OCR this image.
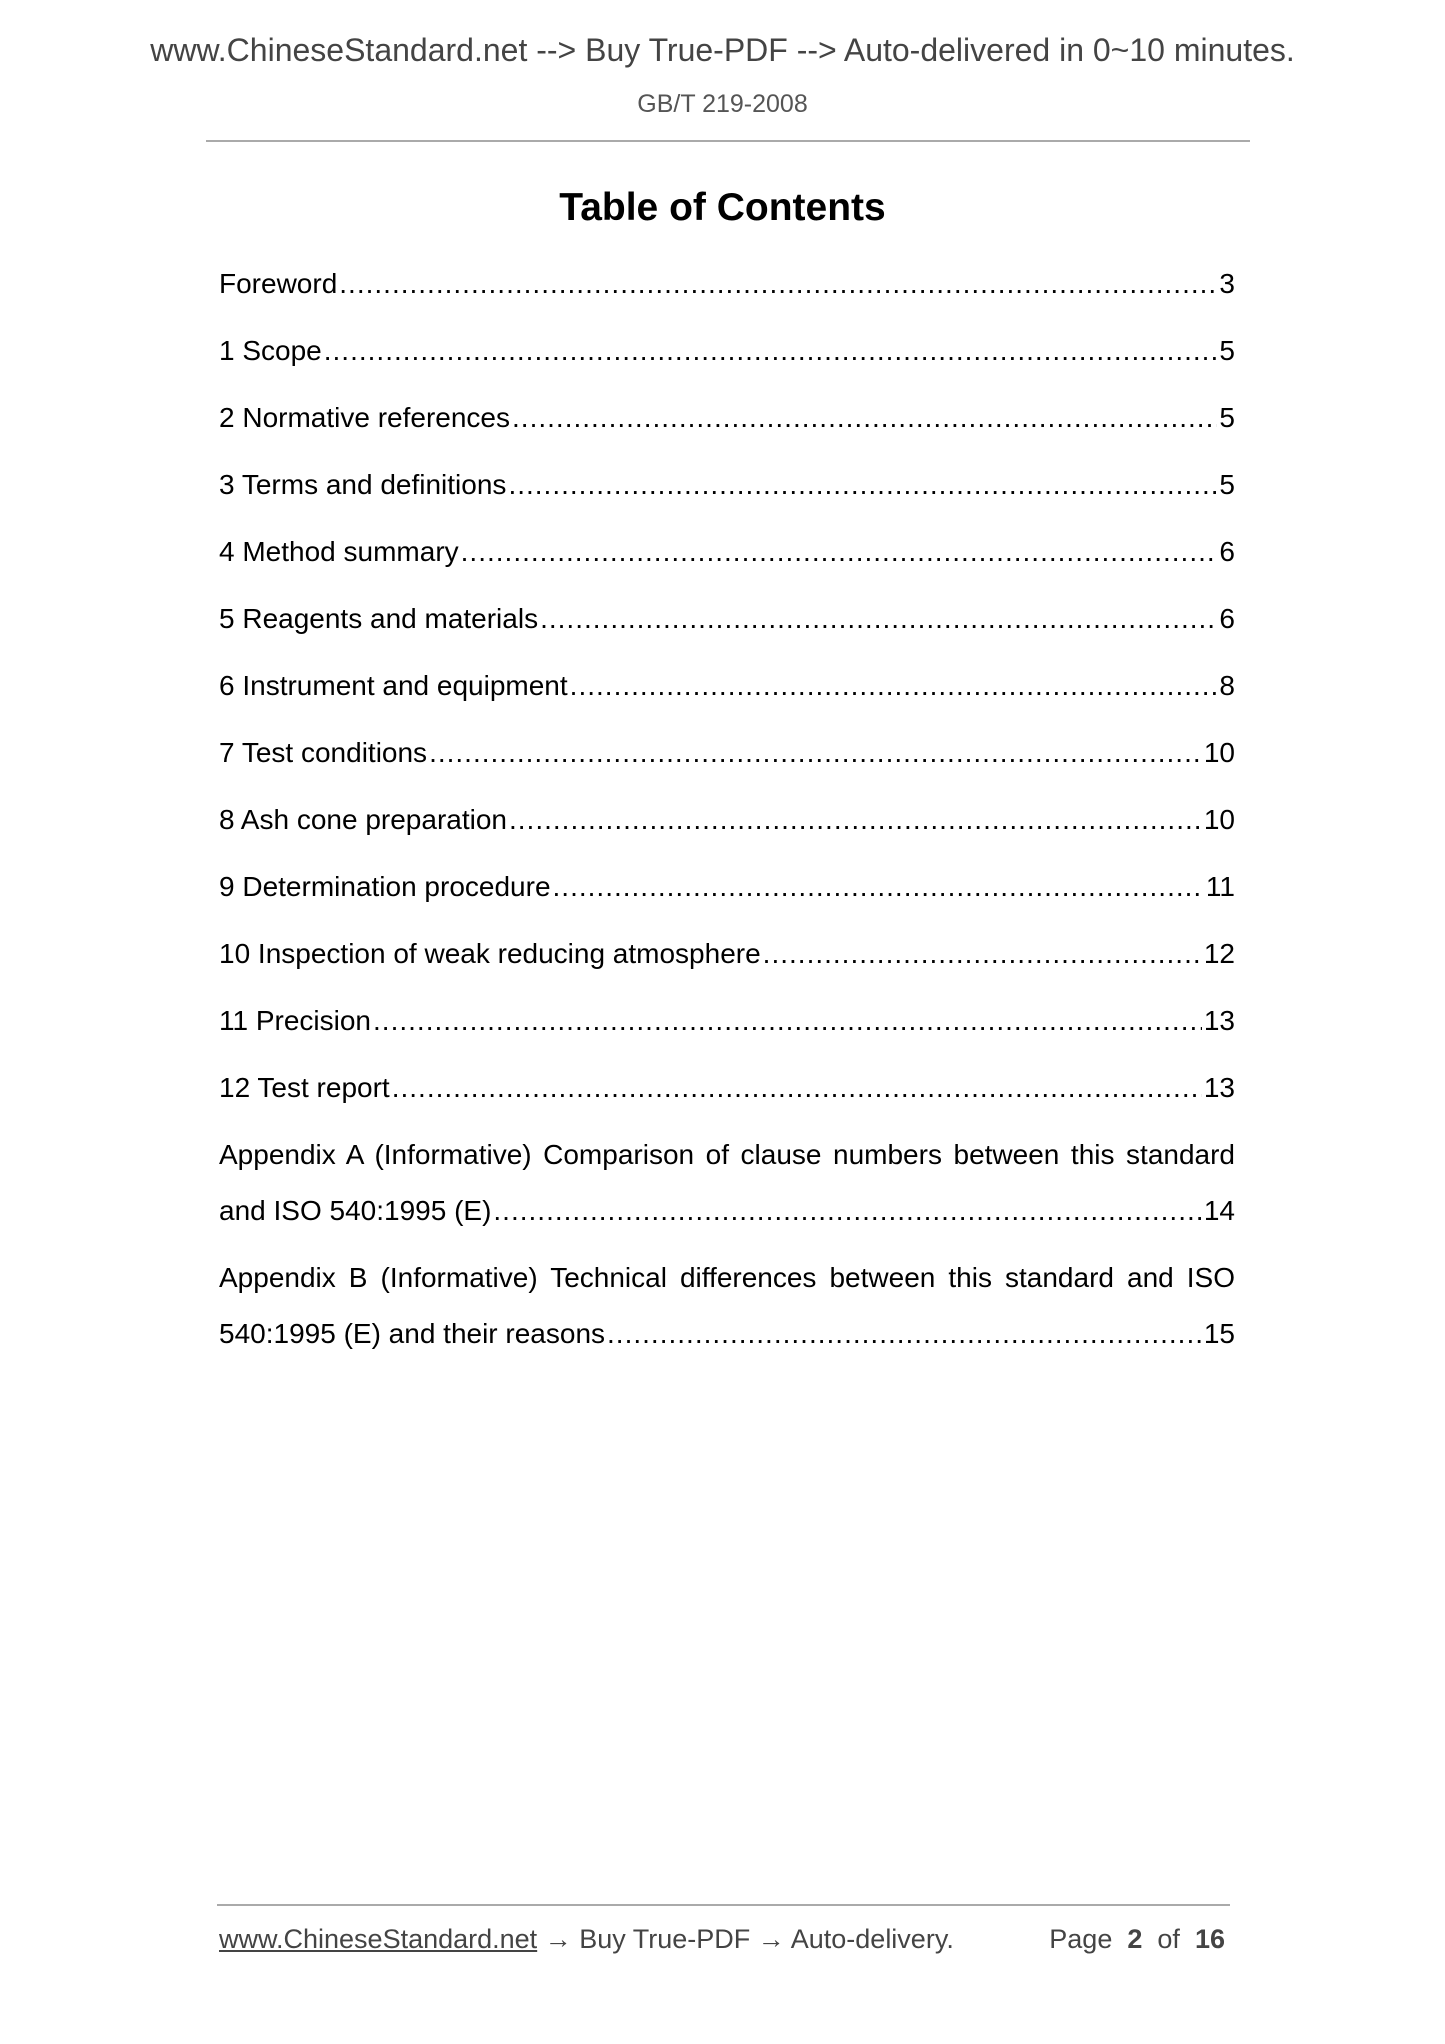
www.ChineseStandard.net --> Buy True-PDF --> Auto-delivered in 0~10 minutes.
GB/T 219-2008
Table of Contents
Foreword .....	3
1 Scope .....	5
2 Normative references .....	5
3 Terms and definitions .....	5
4 Method summary .....	6
5 Reagents and materials .....	6
6 Instrument and equipment .....	8
7 Test conditions .....	10
8 Ash cone preparation .....	10
9 Determination procedure .....	11
10 Inspection of weak reducing atmosphere .....	12
11 Precision .....	13
12 Test report .....	13
Appendix A (Informative) Comparison of clause numbers between this standard
and ISO 540:1995 (E) .....	14
Appendix B (Informative) Technical differences between this standard and ISO
540:1995 (E) and their reasons .....	15
www.ChineseStandard.net → Buy True-PDF → Auto-delivery.	Page 2 of 16
